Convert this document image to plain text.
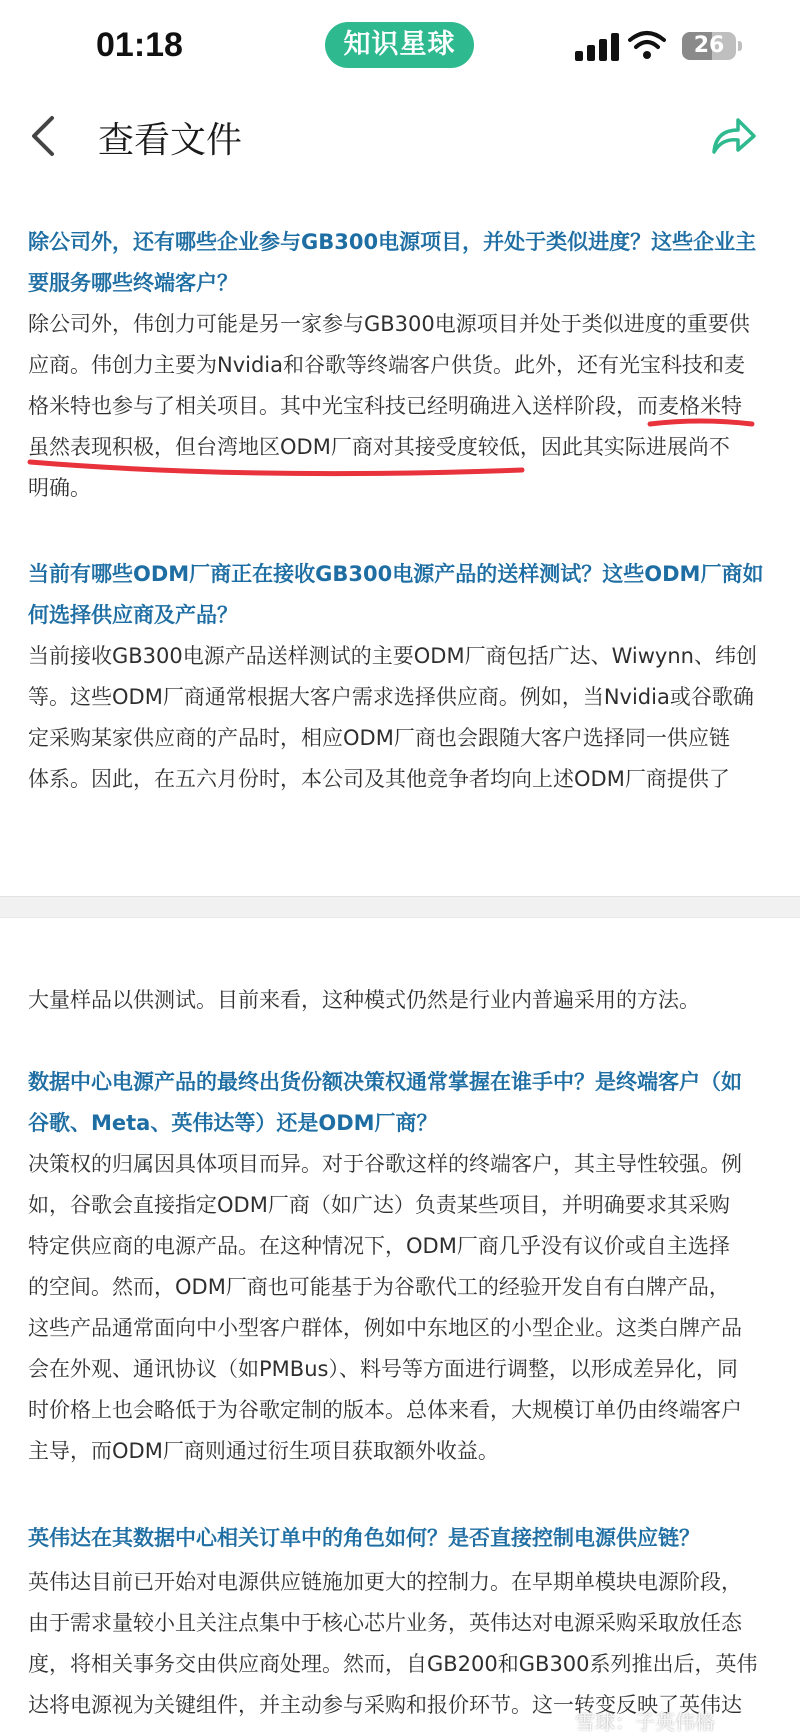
01:18	知识星球	26
查看文件
除公司外，还有哪些企业参与GB300电源项目，并处于类似进度？这些企业主
要服务哪些终端客户？
除公司外，伟创力可能是另一家参与GB300电源项目并处于类似进度的重要供
应商。伟创力主要为Nvidia和谷歌等终端客户供货。此外，还有光宝科技和麦
格米特也参与了相关项目。其中光宝科技已经明确进入送样阶段，而麦格米特
虽然表现积极，但台湾地区ODM厂商对其接受度较低，因此其实际进展尚不
明确。
当前有哪些ODM厂商正在接收GB300电源产品的送样测试？这些ODM厂商如
何选择供应商及产品？
当前接收GB300电源产品送样测试的主要ODM厂商包括广达、Wiwynn、纬创
等。这些ODM厂商通常根据大客户需求选择供应商。例如，当Nvidia或谷歌确
定采购某家供应商的产品时，相应ODM厂商也会跟随大客户选择同一供应链
体系。因此，在五六月份时，本公司及其他竞争者均向上述ODM厂商提供了
大量样品以供测试。目前来看，这种模式仍然是行业内普遍采用的方法。
数据中心电源产品的最终出货份额决策权通常掌握在谁手中？是终端客户（如
谷歌、Meta、英伟达等）还是ODM厂商？
决策权的归属因具体项目而异。对于谷歌这样的终端客户，其主导性较强。例
如，谷歌会直接指定ODM厂商（如广达）负责某些项目，并明确要求其采购
特定供应商的电源产品。在这种情况下，ODM厂商几乎没有议价或自主选择
的空间。然而，ODM厂商也可能基于为谷歌代工的经验开发自有白牌产品，
这些产品通常面向中小型客户群体，例如中东地区的小型企业。这类白牌产品
会在外观、通讯协议（如PMBus）、料号等方面进行调整，以形成差异化，同
时价格上也会略低于为谷歌定制的版本。总体来看，大规模订单仍由终端客户
主导，而ODM厂商则通过衍生项目获取额外收益。
英伟达在其数据中心相关订单中的角色如何？是否直接控制电源供应链？
英伟达目前已开始对电源供应链施加更大的控制力。在早期单模块电源阶段，
由于需求量较小且关注点集中于核心芯片业务，英伟达对电源采购采取放任态
度，将相关事务交由供应商处理。然而，自GB200和GB300系列推出后，英伟
达将电源视为关键组件，并主动参与采购和报价环节。这一转变反映了英伟达
雪球：子英伟格
